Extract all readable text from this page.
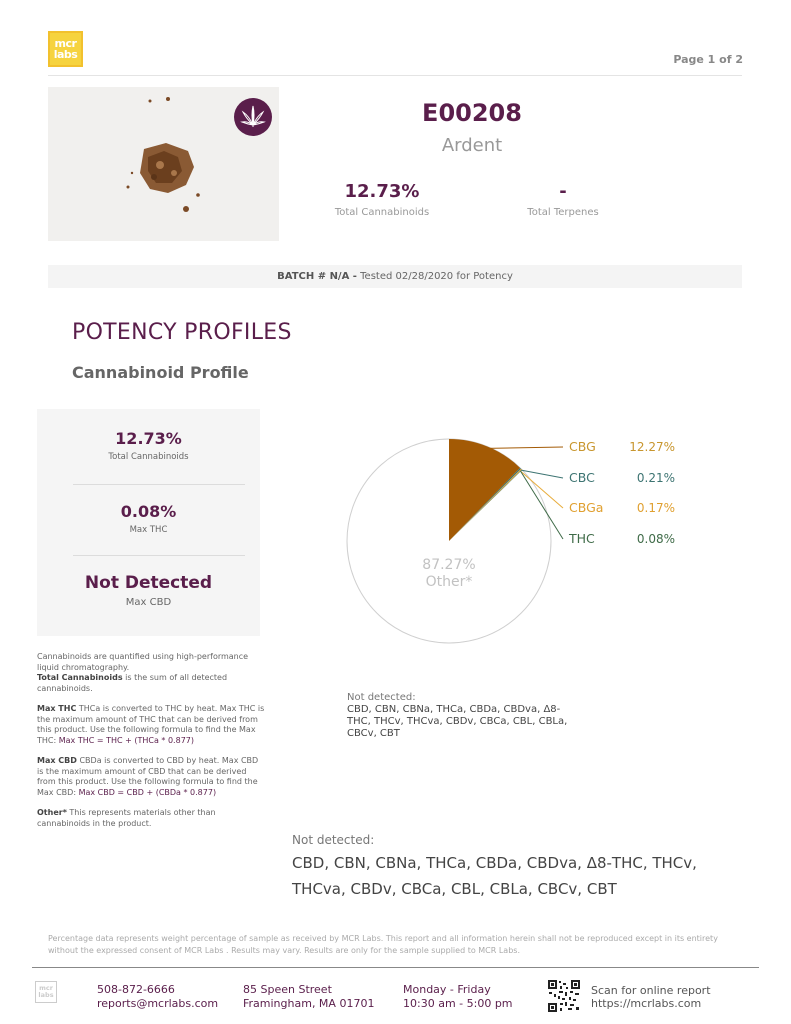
mcr
labs	Page 1 of 2
E00208
Ardent
12.73%
Total Cannabinoids
-
Total Terpenes
BATCH # N/A - Tested 02/28/2020 for Potency
POTENCY PROFILES
Cannabinoid Profile
12.73%
Total Cannabinoids
0.08%
Max THC
Not Detected
Max CBD

Cannabinoids are quantified using high-performance liquid chromatography.
Total Cannabinoids is the sum of all detected cannabinoids.

Max THC THCa is converted to THC by heat. Max THC is the maximum amount of THC that can be derived from this product. Use the following formula to find the Max THC: Max THC = THC + (THCa * 0.877)

Max CBD CBDa is converted to CBD by heat. Max CBD is the maximum amount of CBD that can be derived from this product. Use the following formula to find the Max CBD: Max CBD = CBD + (CBDa * 0.877)

Other* This represents materials other than cannabinoids in the product.

CBG	12.27%
CBC	0.21%
CBGa	0.17%
THC	0.08%
87.27%
Other*
Not detected:
CBD, CBN, CBNa, THCa, CBDa, CBDva, Δ8-THC, THCv, THCva, CBDv, CBCa, CBL, CBLa, CBCv, CBT
Not detected:
CBD, CBN, CBNa, THCa, CBDa, CBDva, Δ8-THC, THCv, THCva, CBDv, CBCa, CBL, CBLa, CBCv, CBT
Percentage data represents weight percentage of sample as received by MCR Labs. This report and all information herein shall not be reproduced except in its entirety without the expressed consent of MCR Labs . Results may vary. Results are only for the sample supplied to MCR Labs.
mcr
labs	508-872-6666
reports@mcrlabs.com
85 Speen Street
Framingham, MA 01701
Monday - Friday
10:30 am - 5:00 pm
Scan for online report
https://mcrlabs.com
